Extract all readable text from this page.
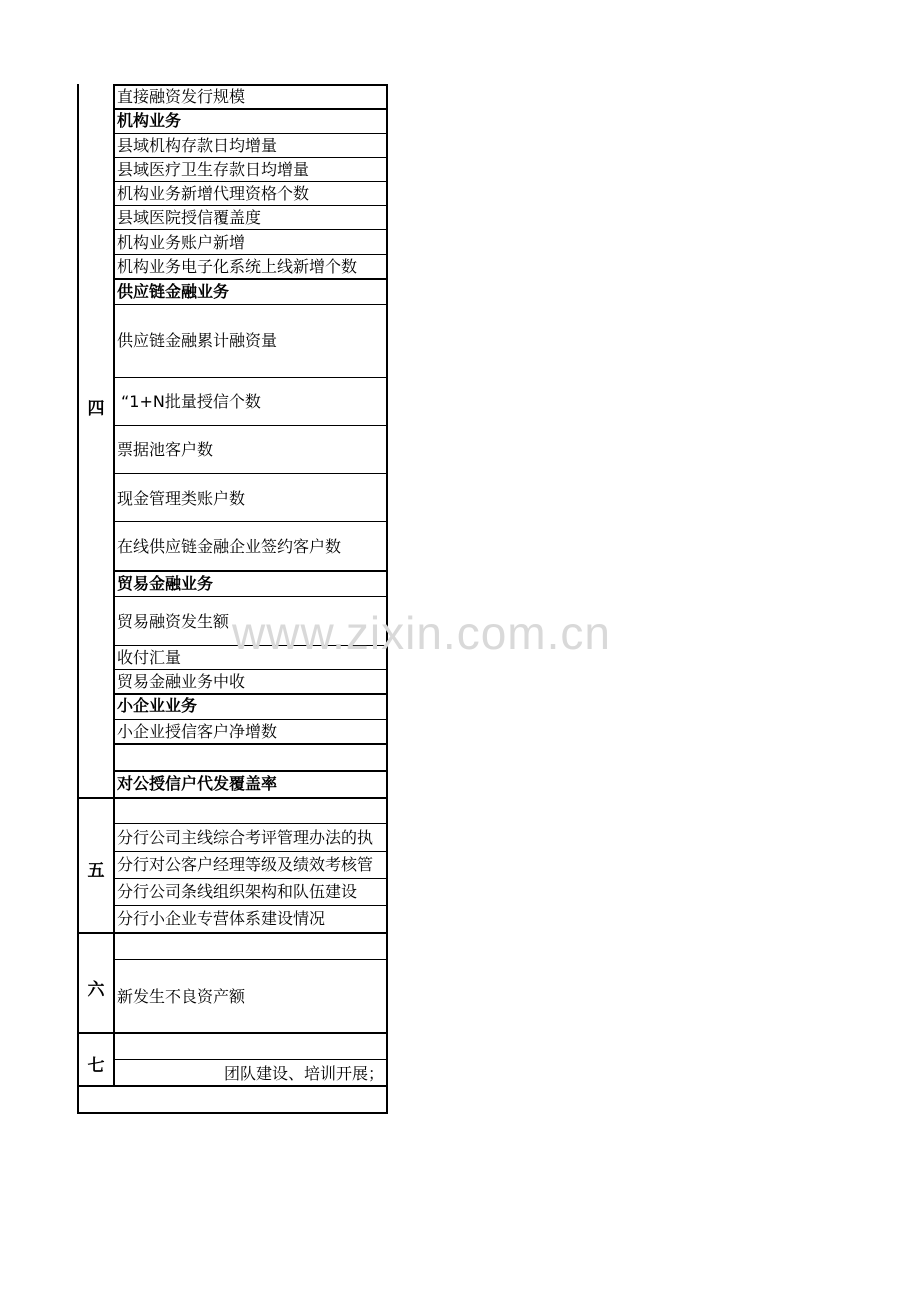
四
五
六
七
直接融资发行规模
机构业务
县域机构存款日均增量
县域医疗卫生存款日均增量
机构业务新增代理资格个数
县域医院授信覆盖度
机构业务账户新增
机构业务电子化系统上线新增个数
供应链金融业务
供应链金融累计融资量
“1+N批量授信个数
票据池客户数
现金管理类账户数
在线供应链金融企业签约客户数
贸易金融业务
贸易融资发生额
收付汇量
贸易金融业务中收
小企业业务
小企业授信客户净增数
对公授信户代发覆盖率
分行公司主线综合考评管理办法的执
分行对公客户经理等级及绩效考核管
分行公司条线组织架构和队伍建设
分行小企业专营体系建设情况
新发生不良资产额
团队建设、培训开展；
www.zixin.com.cn
